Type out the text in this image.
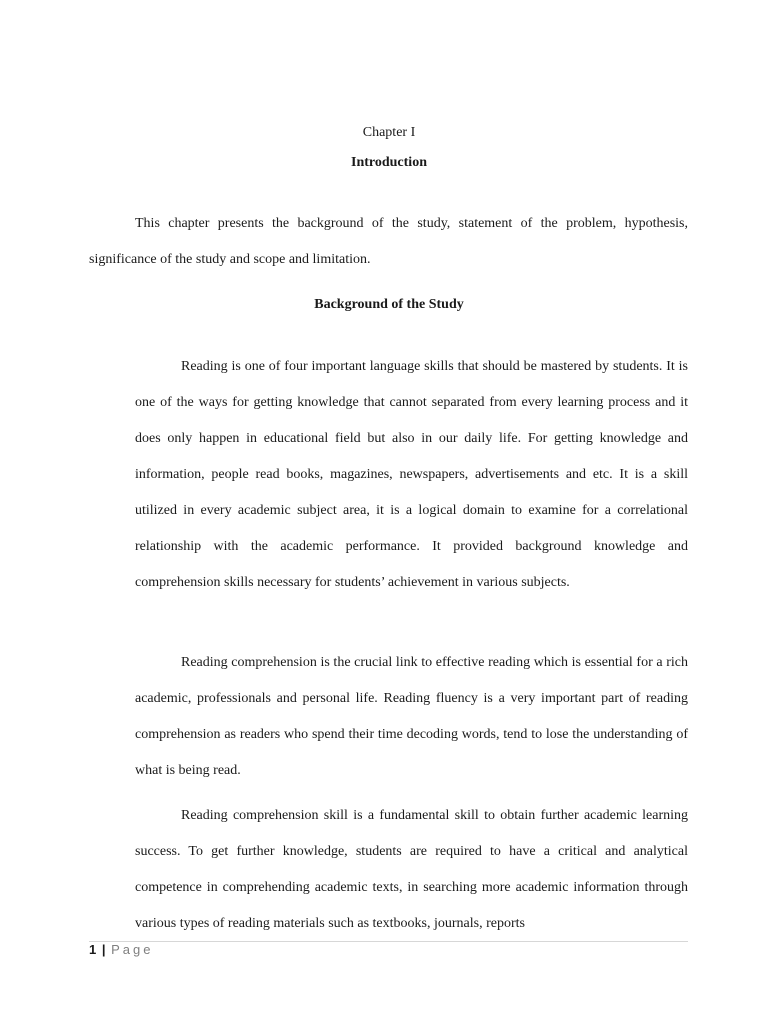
Chapter I
Introduction

This chapter presents the background of the study, statement of the problem, hypothesis, significance of the study and scope and limitation.

Background of the Study

Reading is one of four important language skills that should be mastered by students. It is one of the ways for getting knowledge that cannot separated from every learning process and it does only happen in educational field but also in our daily life. For getting knowledge and information, people read books, magazines, newspapers, advertisements and etc. It is a skill utilized in every academic subject area, it is a logical domain to examine for a correlational relationship with the academic performance. It provided background knowledge and comprehension skills necessary for students’ achievement in various subjects.

Reading comprehension is the crucial link to effective reading which is essential for a rich academic, professionals and personal life. Reading fluency is a very important part of reading comprehension as readers who spend their time decoding words, tend to lose the understanding of what is being read.

Reading comprehension skill is a fundamental skill to obtain further academic learning success. To get further knowledge, students are required to have a critical and analytical competence in comprehending academic texts, in searching more academic information through various types of reading materials such as textbooks, journals, reports

1 | Page
